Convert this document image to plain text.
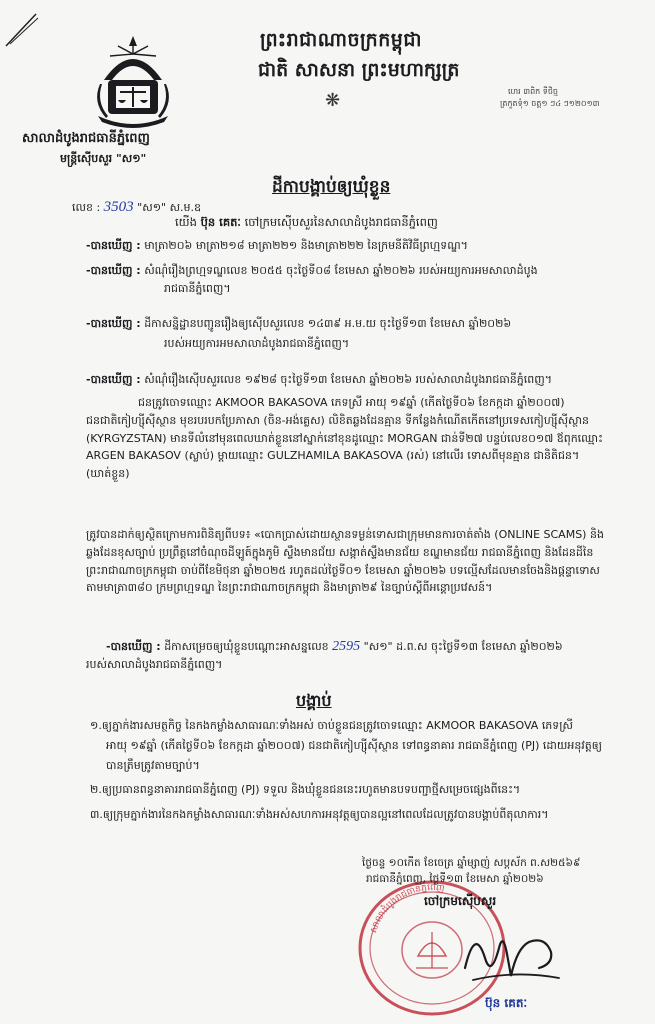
ព្រះរាជាណាចក្រកម្ពុជា
ជាតិ សាសនា ព្រះមហាក្សត្រ
❋	ហេរ ៣ពិក ទីថិច្ម
ត្រកួតទុំ១ ចត្ត១ ៗ៤ ៗ១២០១៣
សាលាដំបូងរាជធានីភ្នំពេញ
មន្ត្រីស៊ើបសួរ "ស១"
ដីកាបង្គាប់ឲ្យឃុំខ្លួន
លេខ : 3503 "ស១" ស.ម.ឧ
យើង ប៊ុន គេតៈ ចៅក្រមស៊ើបសួរនៃសាលាដំបូងរាជធានីភ្នំពេញ
-បានឃើញ : មាត្រា២០៦ មាត្រា២១៨ មាត្រា២២១ និងមាត្រា២២២ នៃក្រមនីតិវិធីព្រហ្មទណ្ឌ។
-បានឃើញ : សំណុំរឿងព្រហ្មទណ្ឌលេខ ២០៥៥ ចុះថ្ងៃទី០៨ ខែមេសា ឆ្នាំ២០២៦ របស់អយ្យការអមសាលាដំបូង
រាជធានីភ្នំពេញ។
-បានឃើញ : ដីកាសន្និដ្ឋានបញ្ជូនរឿងឲ្យស៊ើបសួរលេខ ១៤៣៩ អ.ម.យ ចុះថ្ងៃទី១៣ ខែមេសា ឆ្នាំ២០២៦
របស់អយ្យការអមសាលាដំបូងរាជធានីភ្នំពេញ។
-បានឃើញ : សំណុំរឿងស៊ើបសួរលេខ ១៩២៨ ចុះថ្ងៃទី១៣ ខែមេសា ឆ្នាំ២០២៦ របស់សាលាដំបូងរាជធានីភ្នំពេញ។
ជនត្រូវចោទឈ្មោះ AKMOOR BAKASOVA ភេទស្រី អាយុ ១៩ឆ្នាំ (កើតថ្ងៃទី០៦ ខែកក្កដា ឆ្នាំ២០០៧) ជនជាតិកៀហ្ស៊ីស៊ីស្ថាន មុខរបរបកប្រែភាសា (ចិន-អង់គ្លេស) លិខិតឆ្លងដែនគ្មាន ទីកន្លែងកំណើតកើតនៅប្រទេសកៀហ្ស៊ីស៊ីស្ថាន (KYRGYZSTAN) មានទីលំនៅមុនពេលឃាត់ខ្លួននៅស្នាក់នៅខុនដូឈ្មោះ MORGAN ជាន់ទី២៧ បន្ទប់លេខ០១៧ ឪពុកឈ្មោះ ARGEN BAKASOV (ស្លាប់) ម្តាយឈ្មោះ GULZHAMILA BAKASOVA (រស់) នៅលើរ ទោសពីមុនគ្មាន ជានិតិជន។ (ឃាត់ខ្លួន)
ត្រូវបានដាក់ឲ្យស្ថិតក្រោមការពិនិត្យពីបទ៖ «បោកប្រាស់ដោយស្ថានទម្ងន់ទោសជាក្រុមមានការចាត់តាំង (ONLINE SCAMS) និងឆ្លងដែនខុសច្បាប់ ប្រព្រឹត្តនៅចំណុចដីឡូត៍ក្នុងភូមិ ស្ទឹងមានជ័យ សង្កាត់ស្ទឹងមានជ័យ ខណ្ឌមានជ័យ រាជធានីភ្នំពេញ និងដែនដីនៃព្រះរាជាណាចក្រកម្ពុជា ចាប់ពីខែមិថុនា ឆ្នាំ២០២៥ រហូតដល់ថ្ងៃទី០១ ខែមេសា ឆ្នាំ២០២៦ បទល្មើសដែលមានចែងនិងផ្តន្ទាទោសតាមមាត្រា៣៨០ ក្រមព្រហ្មទណ្ឌ នៃព្រះរាជាណាចក្រកម្ពុជា និងមាត្រា២៩ នៃច្បាប់ស្តីពីអន្តោប្រវេសន៍។
-បានឃើញ : ដីកាសម្រេចឲ្យឃុំខ្លួនបណ្តោះអាសន្នលេខ 2595 "ស១" ដ.ព.ស ចុះថ្ងៃទី១៣ ខែមេសា ឆ្នាំ២០២៦
របស់សាលាដំបូងរាជធានីភ្នំពេញ។
បង្គាប់
១.ឲ្យភ្នាក់ងារសមត្ថកិច្ច នៃកងកម្លាំងសាធារណៈទាំងអស់ ចាប់ខ្លួនជនត្រូវចោទឈ្មោះ AKMOOR BAKASOVA ភេទស្រី
អាយុ ១៩ឆ្នាំ (កើតថ្ងៃទី០៦ ខែកក្កដា ឆ្នាំ២០០៧) ជនជាតិកៀហ្ស៊ីស៊ីស្ថាន ទៅពន្ធនាគារ រាជធានីភ្នំពេញ (PJ) ដោយអនុវត្តឲ្យ
បានត្រឹមត្រូវតាមច្បាប់។
២.ឲ្យប្រធានពន្ធនាគាររាជធានីភ្នំពេញ (PJ) ទទួល និងឃុំខ្លួនជននេះរហូតមានបទបញ្ជាថ្មីសម្រេចផ្សេងពីនេះ។
៣.ឲ្យក្រុមភ្នាក់ងារនៃកងកម្លាំងសាធារណៈទាំងអស់សហការអនុវត្តឲ្យបានល្អនៅពេលដែលត្រូវបានបង្គាប់ពីតុលាការ។
សាលាដំបូងរាជធានីភ្នំពេញ
ថ្ងៃចន្ទ ១០កើត ខែចេត្រ ឆ្នាំម្សាញ់ សប្តស័ក ព.ស២៥៦៩
រាជធានីភ្នំពេញ, ថ្ងៃទី១៣ ខែមេសា ឆ្នាំ២០២៦
ចៅក្រមស៊ើបសួរ
ប៊ុន គេតៈ
